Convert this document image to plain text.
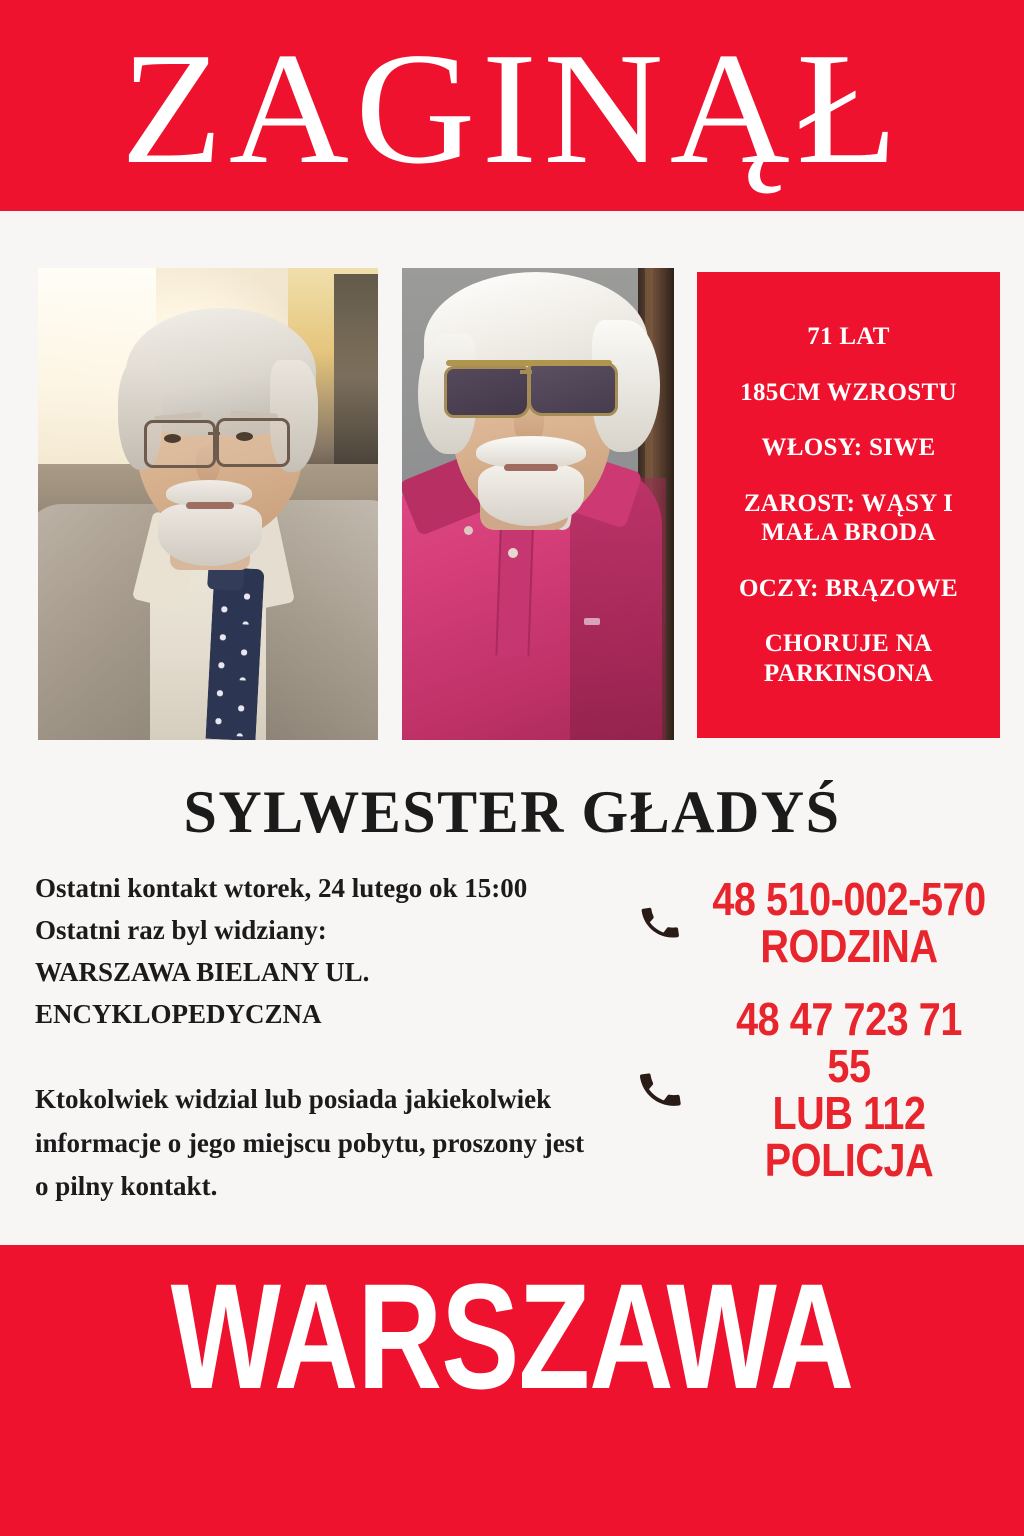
ZAGINĄŁ
71 LAT
185CM WZROSTU
WŁOSY: SIWE
ZAROST: WĄSY I MAŁA BRODA
OCZY: BRĄZOWE
CHORUJE NA PARKINSONA
SYLWESTER GŁADYŚ
Ostatni kontakt wtorek, 24 lutego ok 15:00
Ostatni raz byl widziany:
WARSZAWA BIELANY UL.
ENCYKLOPEDYCZNA
Ktokolwiek widzial lub posiada jakiekolwiek
informacje o jego miejscu pobytu, proszony jest
o pilny kontakt.
48 510-002-570
RODZINA
48 47 723 71 55
LUB 112
POLICJA
WARSZAWA
